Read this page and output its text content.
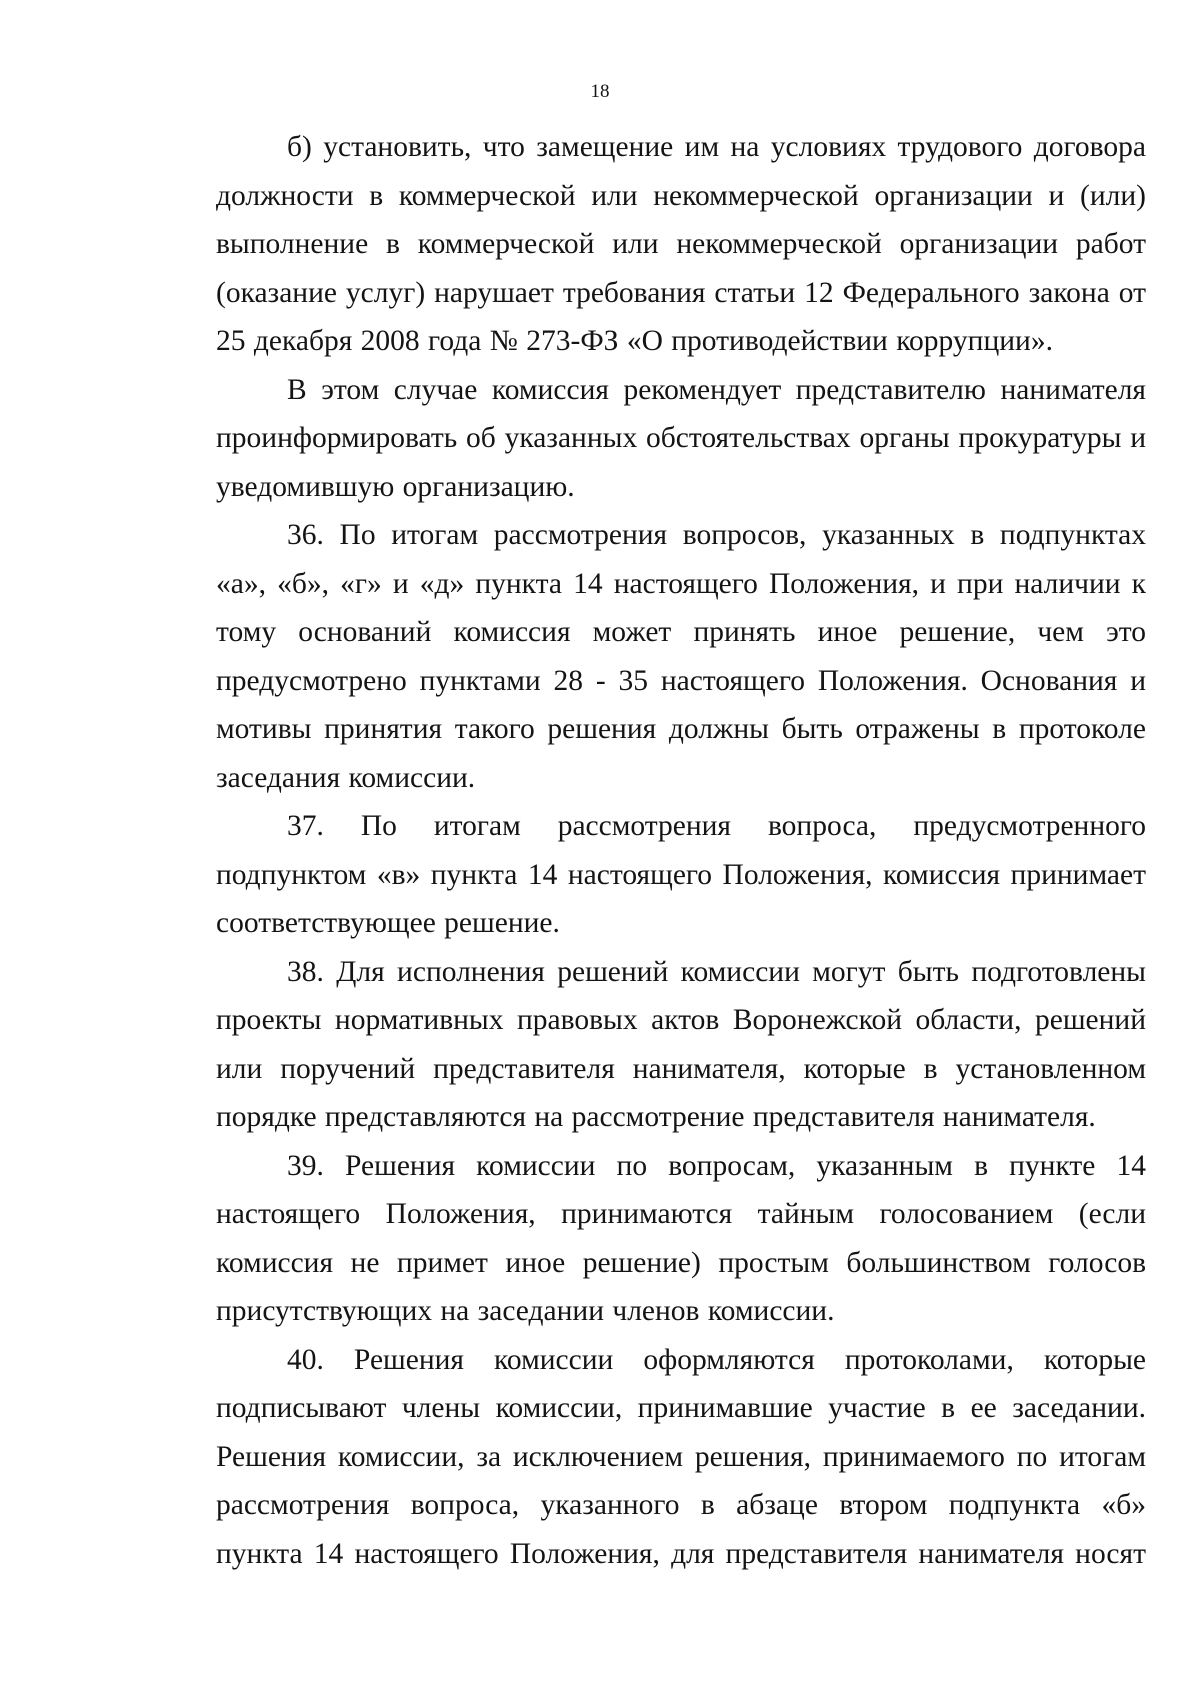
18

б) установить, что замещение им на условиях трудового договора должности в коммерческой или некоммерческой организации и (или) выполнение в коммерческой или некоммерческой организации работ (оказание услуг) нарушает требования статьи 12 Федерального закона от 25 декабря 2008 года № 273-ФЗ «О противодействии коррупции».

В этом случае комиссия рекомендует представителю нанимателя проинформировать об указанных обстоятельствах органы прокуратуры и уведомившую организацию.

36. По итогам рассмотрения вопросов, указанных в подпунктах «а», «б», «г» и «д» пункта 14 настоящего Положения, и при наличии к тому оснований комиссия может принять иное решение, чем это предусмотрено пунктами 28 - 35 настоящего Положения. Основания и мотивы принятия такого решения должны быть отражены в протоколе заседания комиссии.

37. По итогам рассмотрения вопроса, предусмотренного подпунктом «в» пункта 14 настоящего Положения, комиссия принимает соответствующее решение.

38. Для исполнения решений комиссии могут быть подготовлены проекты нормативных правовых актов Воронежской области, решений или поручений представителя нанимателя, которые в установленном порядке представляются на рассмотрение представителя нанимателя.

39. Решения комиссии по вопросам, указанным в пункте 14 настоящего Положения, принимаются тайным голосованием (если комиссия не примет иное решение) простым большинством голосов присутствующих на заседании членов комиссии.

40. Решения комиссии оформляются протоколами, которые подписывают члены комиссии, принимавшие участие в ее заседании. Решения комиссии, за исключением решения, принимаемого по итогам рассмотрения вопроса, указанного в абзаце втором подпункта «б» пункта 14 настоящего Положения, для представителя нанимателя носят
